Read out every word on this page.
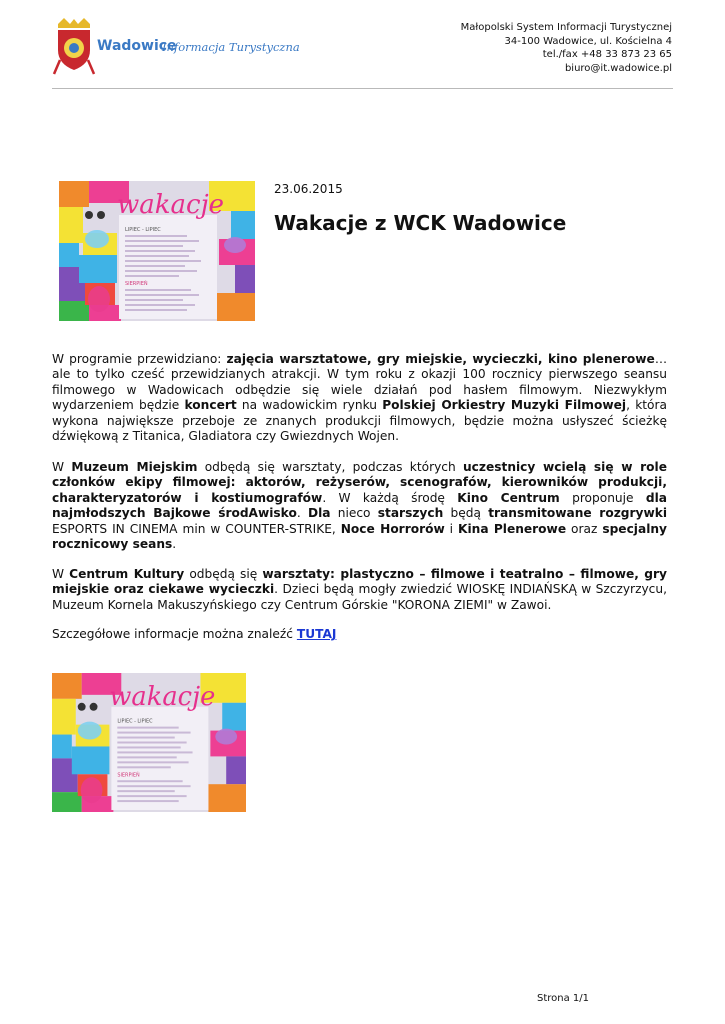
Wadowice
Informacja Turystyczna
Małopolski System Informacji Turystycznej
34-100 Wadowice, ul. Kościelna 4
tel./fax +48 33 873 23 65
biuro@it.wadowice.pl
wakacje
LIPIEC - LIPIEC
SIERPIEŃ
23.06.2015
Wakacje z WCK Wadowice

W programie przewidziano: zajęcia warsztatowe, gry miejskie, wycieczki, kino plenerowe… ale to tylko cześć przewidzianych atrakcji. W tym roku z okazji 100 rocznicy pierwszego seansu filmowego w Wadowicach odbędzie się wiele działań pod hasłem filmowym. Niezwykłym wydarzeniem będzie koncert na wadowickim rynku Polskiej Orkiestry Muzyki Filmowej, która wykona największe przeboje ze znanych produkcji filmowych, będzie można usłyszeć ścieżkę dźwiękową z Titanica, Gladiatora czy Gwiezdnych Wojen.

W Muzeum Miejskim odbędą się warsztaty, podczas których uczestnicy wcielą się w role członków ekipy filmowej: aktorów, reżyserów, scenografów, kierowników produkcji, charakteryzatorów i kostiumografów. W każdą środę Kino Centrum proponuje dla najmłodszych Bajkowe środAwisko. Dla nieco starszych będą transmitowane rozgrywki ESPORTS IN CINEMA min w COUNTER-STRIKE, Noce Horrorów i Kina Plenerowe oraz specjalny rocznicowy seans.

W Centrum Kultury odbędą się warsztaty: plastyczno – filmowe i teatralno – filmowe, gry miejskie oraz ciekawe wycieczki. Dzieci będą mogły zwiedzić WIOSKĘ INDIAŃSKĄ w Szczyrzycu, Muzeum Kornela Makuszyńskiego czy Centrum Górskie "KORONA ZIEMI" w Zawoi.

Szczegółowe informacje można znaleźć TUTAJ

wakacje
LIPIEC - LIPIEC
SIERPIEŃ
Strona 1/1
